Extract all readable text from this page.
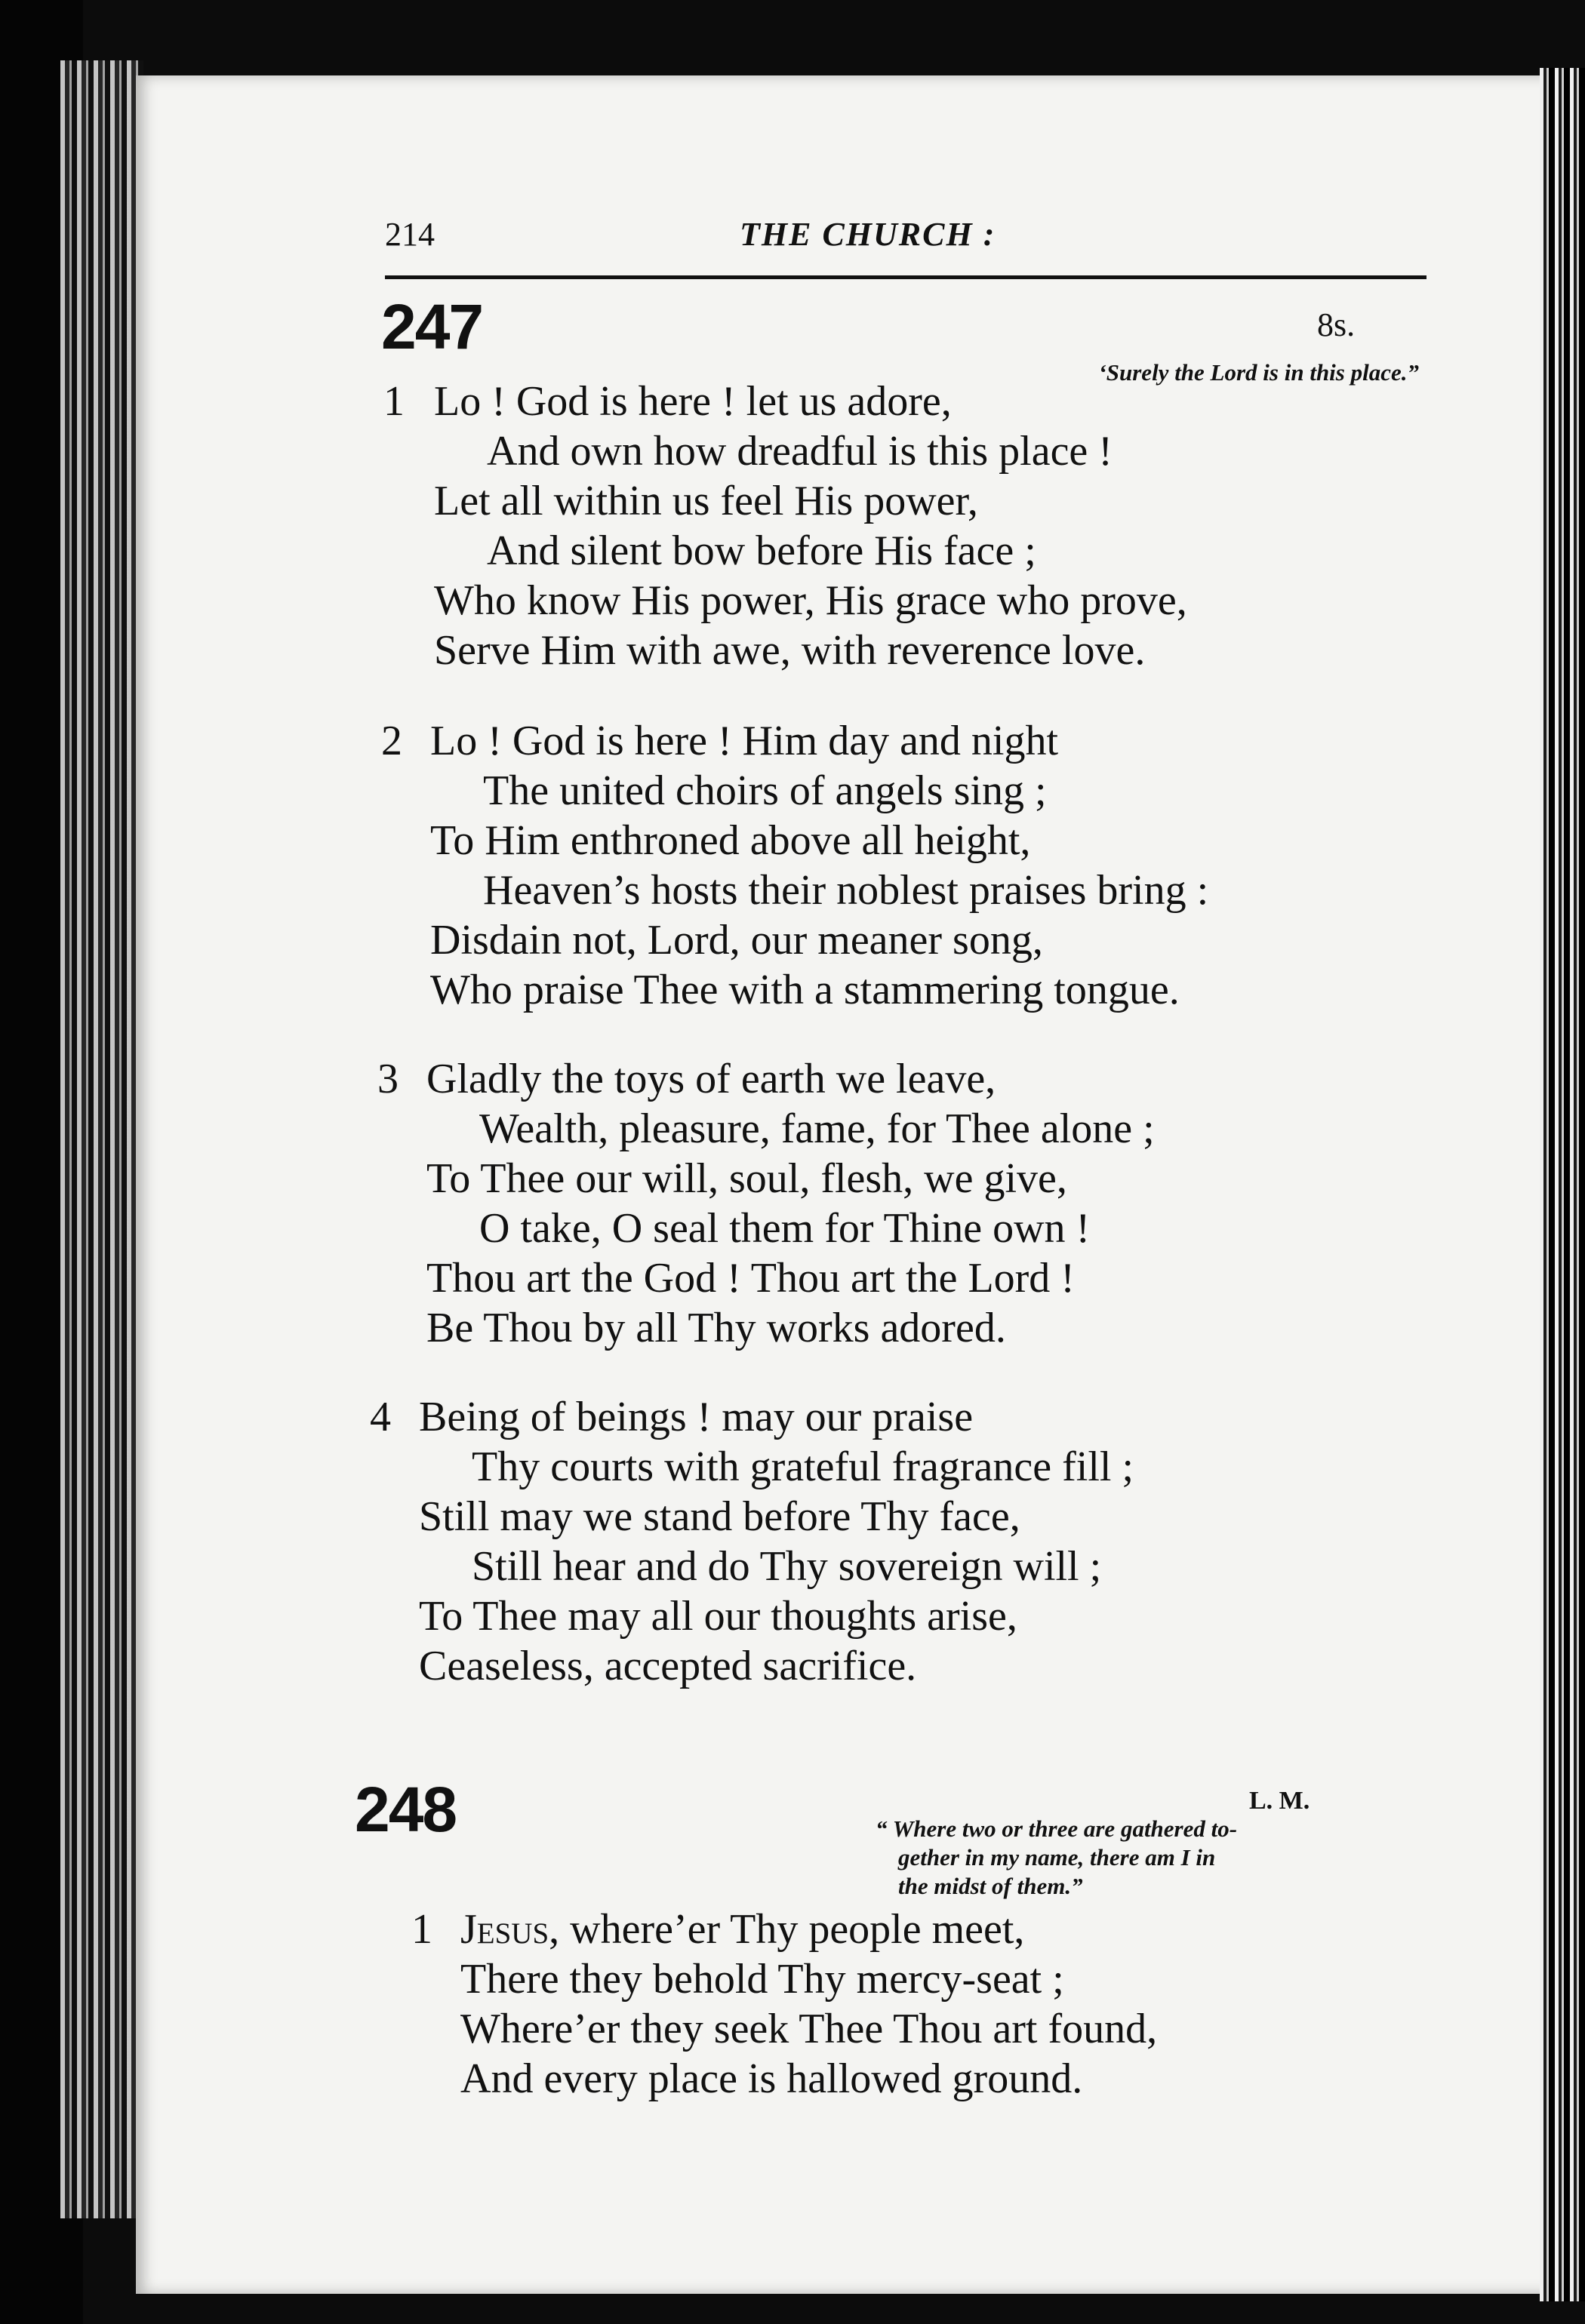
214	THE CHURCH :
247	8s.
‘Surely the Lord is in this place.”
1 Lo ! God is here ! let us adore,
And own how dreadful is this place !
Let all within us feel His power,
And silent bow before His face ;
Who know His power, His grace who prove,
Serve Him with awe, with reverence love.
2 Lo ! God is here ! Him day and night
The united choirs of angels sing ;
To Him enthroned above all height,
Heaven’s hosts their noblest praises bring :
Disdain not, Lord, our meaner song,
Who praise Thee with a stammering tongue.
3 Gladly the toys of earth we leave,
Wealth, pleasure, fame, for Thee alone ;
To Thee our will, soul, flesh, we give,
O take, O seal them for Thine own !
Thou art the God ! Thou art the Lord !
Be Thou by all Thy works adored.
4 Being of beings ! may our praise
Thy courts with grateful fragrance fill ;
Still may we stand before Thy face,
Still hear and do Thy sovereign will ;
To Thee may all our thoughts arise,
Ceaseless, accepted sacrifice.
248	L. M.
“ Where two or three are gathered to-
gether in my name, there am I in
the midst of them.”
1 Jesus, where’er Thy people meet,
There they behold Thy mercy-seat ;
Where’er they seek Thee Thou art found,
And every place is hallowed ground.
